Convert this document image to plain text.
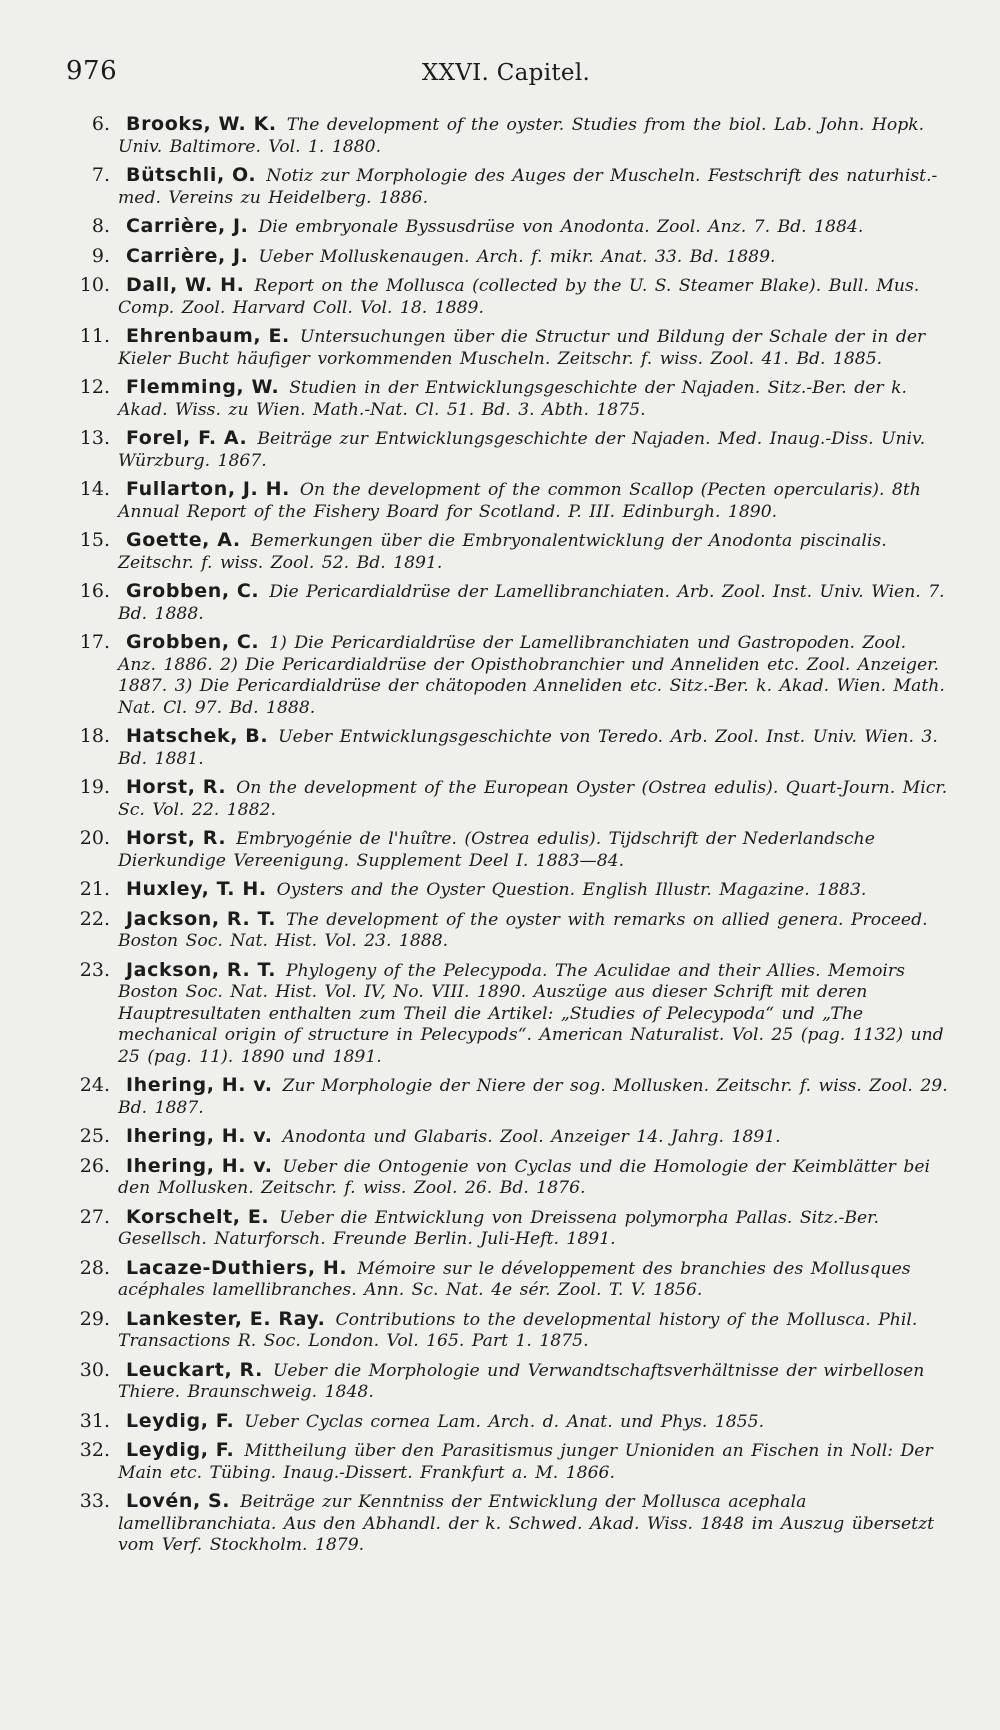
976	XXVI. Capitel.
6. Brooks, W. K. The development of the oyster. Studies from the biol. Lab. John. Hopk. Univ. Baltimore. Vol. 1. 1880.
7. Bütschli, O. Notiz zur Morphologie des Auges der Muscheln. Festschrift des naturhist.-med. Vereins zu Heidelberg. 1886.
8. Carrière, J. Die embryonale Byssusdrüse von Anodonta. Zool. Anz. 7. Bd. 1884.
9. Carrière, J. Ueber Molluskenaugen. Arch. f. mikr. Anat. 33. Bd. 1889.
10. Dall, W. H. Report on the Mollusca (collected by the U. S. Steamer Blake). Bull. Mus. Comp. Zool. Harvard Coll. Vol. 18. 1889.
11. Ehrenbaum, E. Untersuchungen über die Structur und Bildung der Schale der in der Kieler Bucht häufiger vorkommenden Muscheln. Zeitschr. f. wiss. Zool. 41. Bd. 1885.
12. Flemming, W. Studien in der Entwicklungsgeschichte der Najaden. Sitz.-Ber. der k. Akad. Wiss. zu Wien. Math.-Nat. Cl. 51. Bd. 3. Abth. 1875.
13. Forel, F. A. Beiträge zur Entwicklungsgeschichte der Najaden. Med. Inaug.-Diss. Univ. Würzburg. 1867.
14. Fullarton, J. H. On the development of the common Scallop (Pecten opercularis). 8th Annual Report of the Fishery Board for Scotland. P. III. Edinburgh. 1890.
15. Goette, A. Bemerkungen über die Embryonalentwicklung der Anodonta piscinalis. Zeitschr. f. wiss. Zool. 52. Bd. 1891.
16. Grobben, C. Die Pericardialdrüse der Lamellibranchiaten. Arb. Zool. Inst. Univ. Wien. 7. Bd. 1888.
17. Grobben, C. 1) Die Pericardialdrüse der Lamellibranchiaten und Gastropoden. Zool. Anz. 1886. 2) Die Pericardialdrüse der Opisthobranchier und Anneliden etc. Zool. Anzeiger. 1887. 3) Die Pericardialdrüse der chätopoden Anneliden etc. Sitz.-Ber. k. Akad. Wien. Math. Nat. Cl. 97. Bd. 1888.
18. Hatschek, B. Ueber Entwicklungsgeschichte von Teredo. Arb. Zool. Inst. Univ. Wien. 3. Bd. 1881.
19. Horst, R. On the development of the European Oyster (Ostrea edulis). Quart-Journ. Micr. Sc. Vol. 22. 1882.
20. Horst, R. Embryogénie de l'huître. (Ostrea edulis). Tijdschrift der Nederlandsche Dierkundige Vereenigung. Supplement Deel I. 1883—84.
21. Huxley, T. H. Oysters and the Oyster Question. English Illustr. Magazine. 1883.
22. Jackson, R. T. The development of the oyster with remarks on allied genera. Proceed. Boston Soc. Nat. Hist. Vol. 23. 1888.
23. Jackson, R. T. Phylogeny of the Pelecypoda. The Aculidae and their Allies. Memoirs Boston Soc. Nat. Hist. Vol. IV, No. VIII. 1890. Auszüge aus dieser Schrift mit deren Hauptresultaten enthalten zum Theil die Artikel: „Studies of Pelecypoda“ und „The mechanical origin of structure in Pelecypods“. American Naturalist. Vol. 25 (pag. 1132) und 25 (pag. 11). 1890 und 1891.
24. Ihering, H. v. Zur Morphologie der Niere der sog. Mollusken. Zeitschr. f. wiss. Zool. 29. Bd. 1887.
25. Ihering, H. v. Anodonta und Glabaris. Zool. Anzeiger 14. Jahrg. 1891.
26. Ihering, H. v. Ueber die Ontogenie von Cyclas und die Homologie der Keimblätter bei den Mollusken. Zeitschr. f. wiss. Zool. 26. Bd. 1876.
27. Korschelt, E. Ueber die Entwicklung von Dreissena polymorpha Pallas. Sitz.-Ber. Gesellsch. Naturforsch. Freunde Berlin. Juli-Heft. 1891.
28. Lacaze-Duthiers, H. Mémoire sur le développement des branchies des Mollusques acéphales lamellibranches. Ann. Sc. Nat. 4e sér. Zool. T. V. 1856.
29. Lankester, E. Ray. Contributions to the developmental history of the Mollusca. Phil. Transactions R. Soc. London. Vol. 165. Part 1. 1875.
30. Leuckart, R. Ueber die Morphologie und Verwandtschaftsverhältnisse der wirbellosen Thiere. Braunschweig. 1848.
31. Leydig, F. Ueber Cyclas cornea Lam. Arch. d. Anat. und Phys. 1855.
32. Leydig, F. Mittheilung über den Parasitismus junger Unioniden an Fischen in Noll: Der Main etc. Tübing. Inaug.-Dissert. Frankfurt a. M. 1866.
33. Lovén, S. Beiträge zur Kenntniss der Entwicklung der Mollusca acephala lamellibranchiata. Aus den Abhandl. der k. Schwed. Akad. Wiss. 1848 im Auszug übersetzt vom Verf. Stockholm. 1879.
